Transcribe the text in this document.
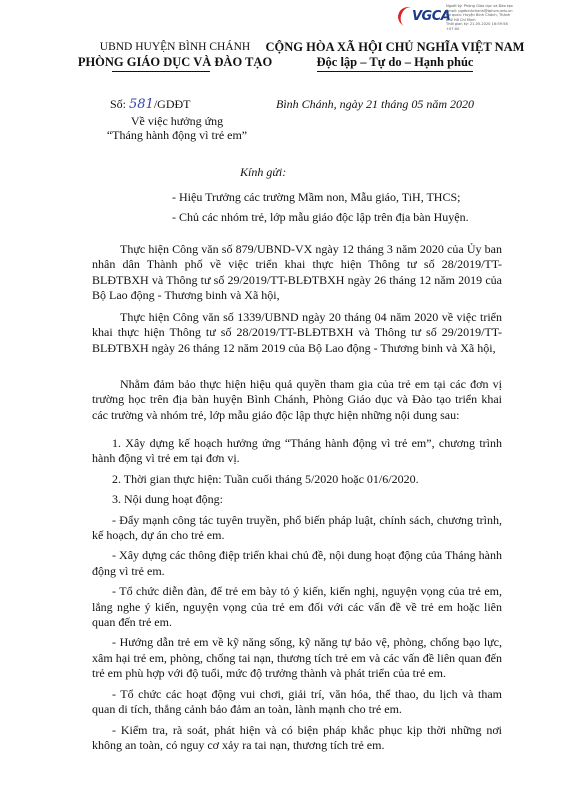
VGCA
Người ký: Phòng Giáo dục và Đào tạo
Email: pgdbinhchanh@tphcm.edu.vn
Cơ quan: Huyện Bình Chánh, Thành
phố Hồ Chí Minh
Thời gian ký: 21.05.2020 16:59:58
+07:00
UBND HUYỆN BÌNH CHÁNH
PHÒNG GIÁO DỤC VÀ ĐÀO TẠO
CỘNG HÒA XÃ HỘI CHỦ NGHĨA VIỆT NAM
Độc lập – Tự do – Hạnh phúc
Số: 581/GDĐT	Bình Chánh, ngày 21 tháng 05 năm 2020
Về việc hưởng ứng
“Tháng hành động vì trẻ em”
Kính gửi:
- Hiệu Trưởng các trường Mầm non, Mẫu giáo, TiH, THCS;
- Chủ các nhóm trẻ, lớp mẫu giáo độc lập trên địa bàn Huyện.

Thực hiện Công văn số 879/UBND-VX ngày 12 tháng 3 năm 2020 của Ủy ban nhân dân Thành phố về việc triển khai thực hiện Thông tư số 28/2019/TT-BLĐTBXH và Thông tư số 29/2019/TT-BLĐTBXH ngày 26 tháng 12 năm 2019 của Bộ Lao động - Thương binh và Xã hội,

Thực hiện Công văn số 1339/UBND ngày 20 tháng 04 năm 2020 về việc triển khai thực hiện Thông tư số 28/2019/TT-BLĐTBXH và Thông tư số 29/2019/TT-BLĐTBXH ngày 26 tháng 12 năm 2019 của Bộ Lao động - Thương binh và Xã hội,

Nhằm đảm bảo thực hiện hiệu quả quyền tham gia của trẻ em tại các đơn vị trường học trên địa bàn huyện Bình Chánh, Phòng Giáo dục và Đào tạo triển khai các trường và nhóm trẻ, lớp mẫu giáo độc lập thực hiện những nội dung sau:

1. Xây dựng kế hoạch hưởng ứng “Tháng hành động vì trẻ em”, chương trình hành động vì trẻ em tại đơn vị.

2. Thời gian thực hiện: Tuần cuối tháng 5/2020 hoặc 01/6/2020.

3. Nội dung hoạt động:

- Đẩy mạnh công tác tuyên truyền, phổ biến pháp luật, chính sách, chương trình, kế hoạch, dự án cho trẻ em.

- Xây dựng các thông điệp triển khai chủ đề, nội dung hoạt động của Tháng hành động vì trẻ em.

- Tổ chức diễn đàn, để trẻ em bày tỏ ý kiến, kiến nghị, nguyện vọng của trẻ em, lắng nghe ý kiến, nguyện vọng của trẻ em đối với các vấn đề về trẻ em hoặc liên quan đến trẻ em.

- Hướng dẫn trẻ em về kỹ năng sống, kỹ năng tự bảo vệ, phòng, chống bạo lực, xâm hại trẻ em, phòng, chống tai nạn, thương tích trẻ em và các vấn đề liên quan đến trẻ em phù hợp với độ tuổi, mức độ trưởng thành và phát triển của trẻ em.

- Tổ chức các hoạt động vui chơi, giải trí, văn hóa, thể thao, du lịch và tham quan di tích, thắng cảnh bảo đảm an toàn, lành mạnh cho trẻ em.

- Kiểm tra, rà soát, phát hiện và có biện pháp khắc phục kịp thời những nơi không an toàn, có nguy cơ xảy ra tai nạn, thương tích trẻ em.
